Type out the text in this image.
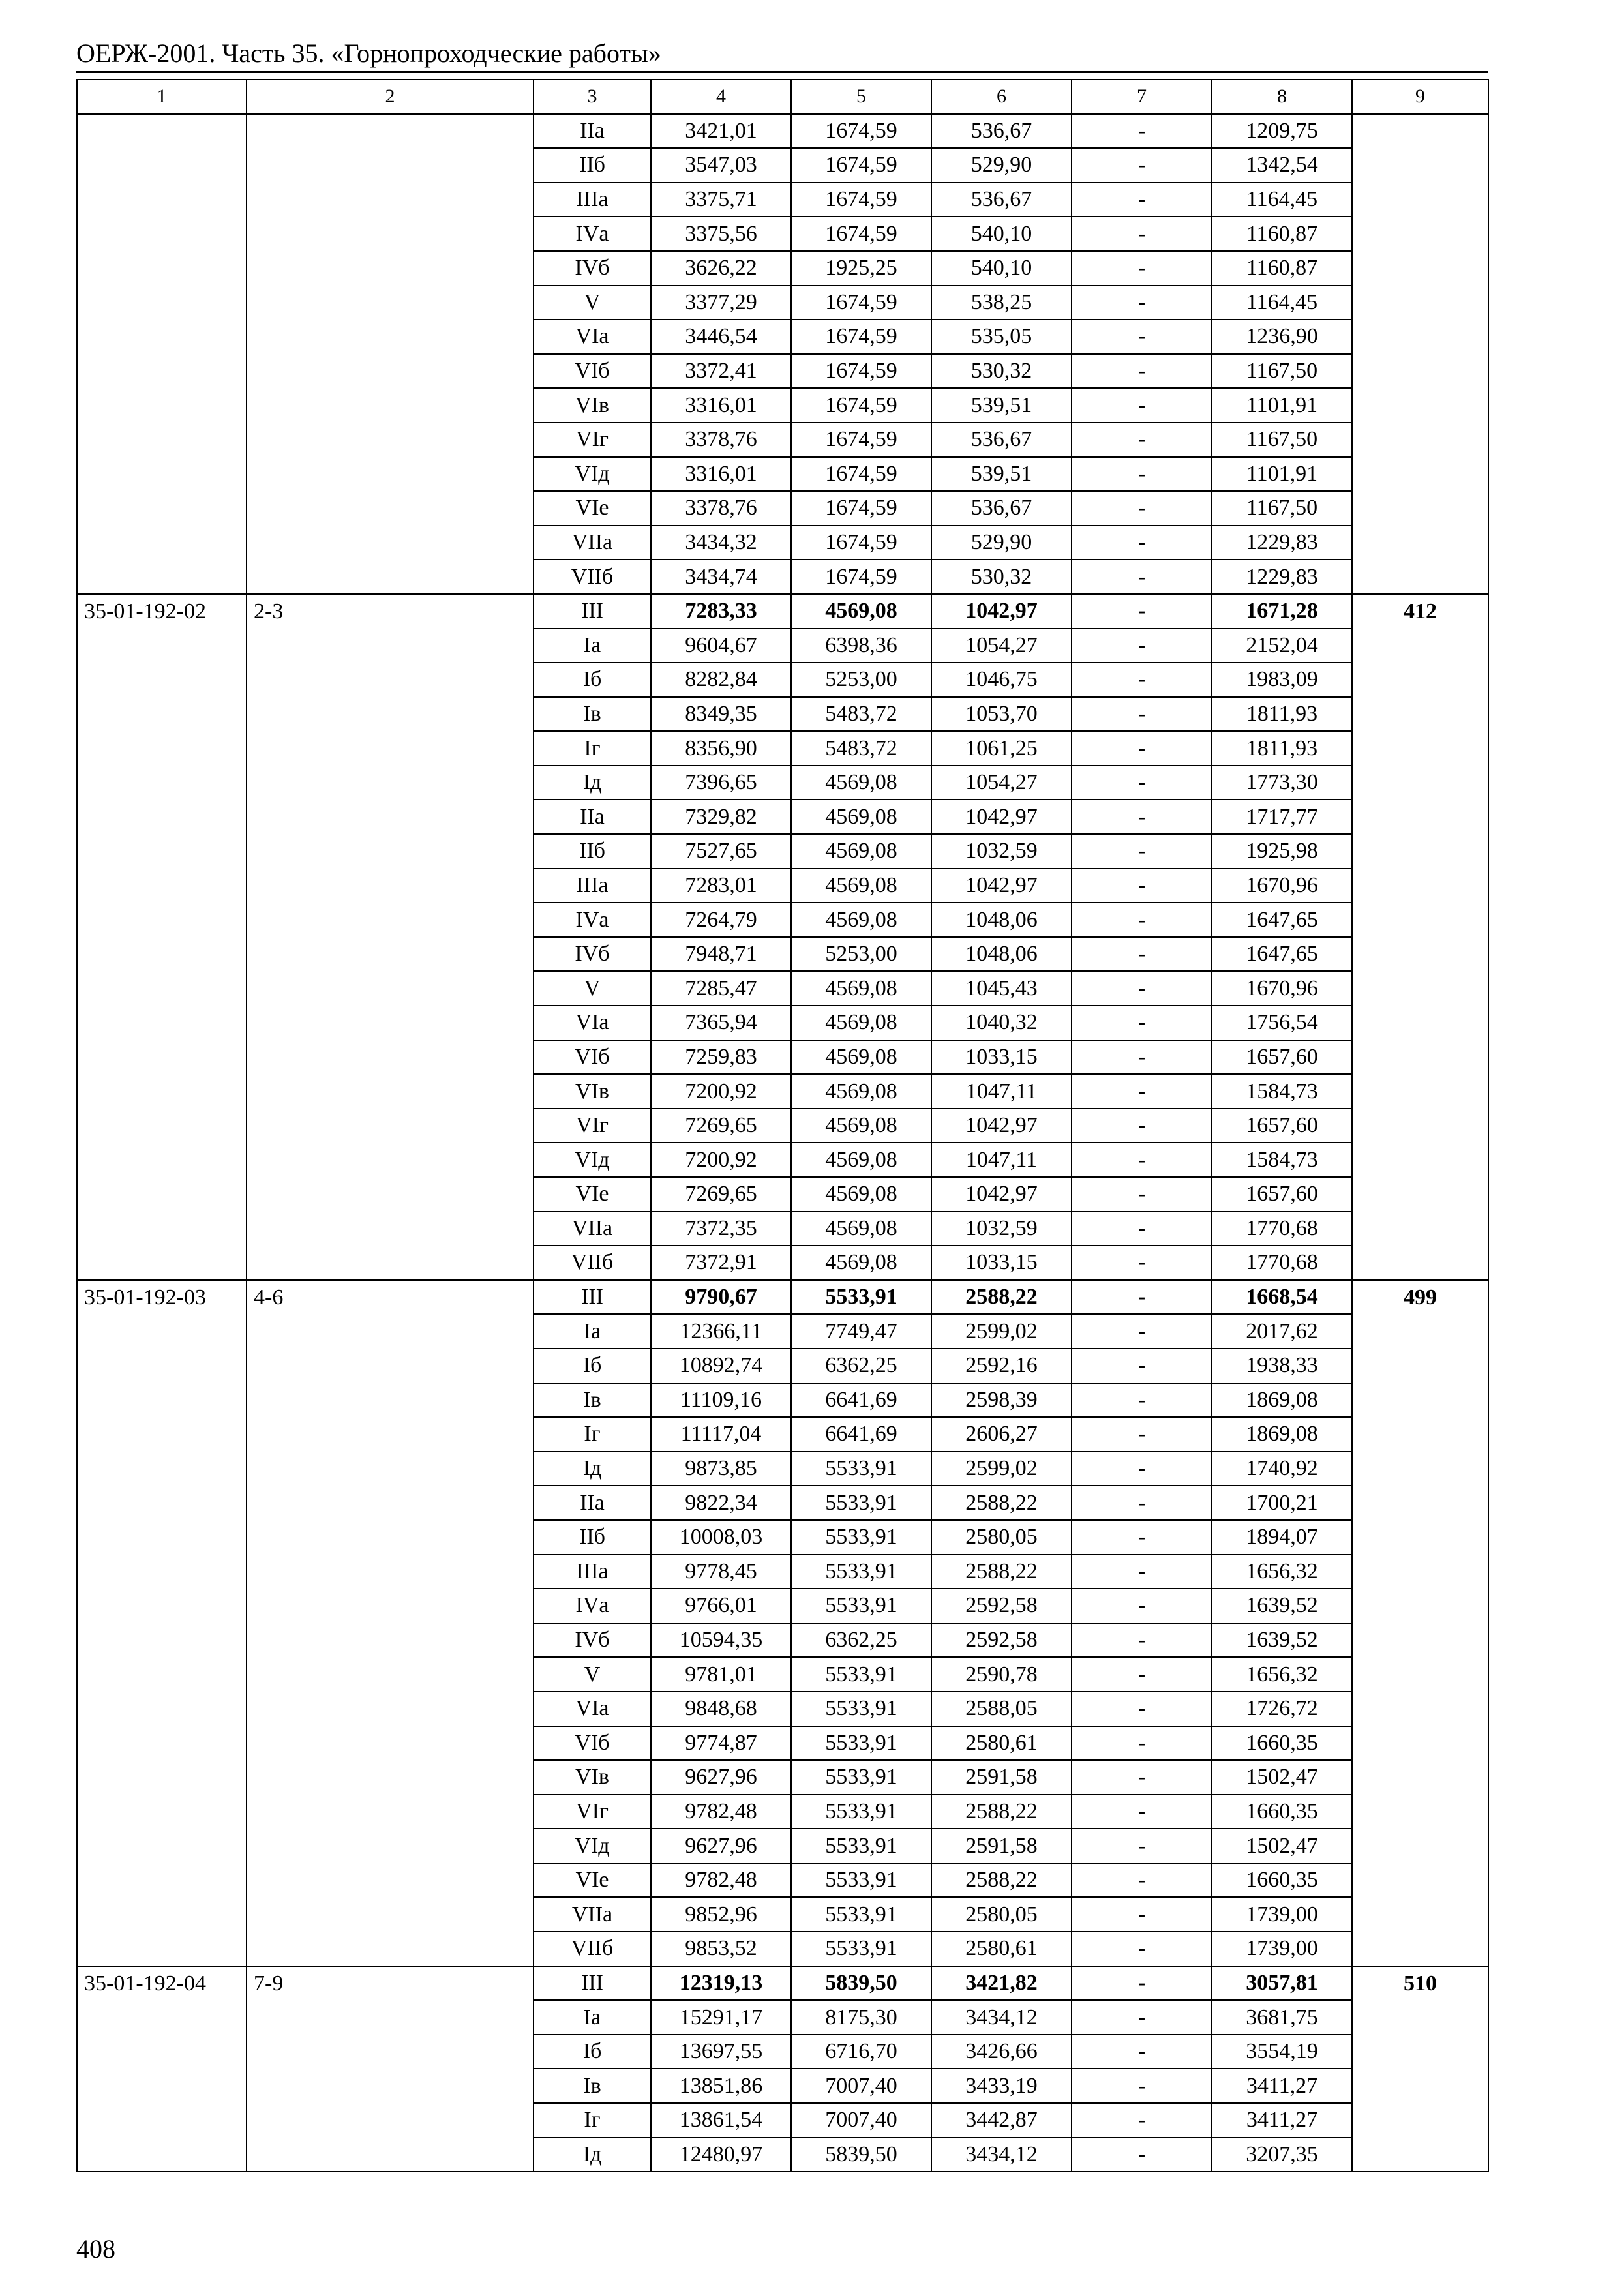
ОЕРЖ-2001. Часть 35. «Горнопроходческие работы»
1	2	3	4	5	6	7	8	9
		IIа	3421,01	1674,59	536,67	-	1209,75	
		IIб	3547,03	1674,59	529,90	-	1342,54	
		IIIа	3375,71	1674,59	536,67	-	1164,45	
		IVа	3375,56	1674,59	540,10	-	1160,87	
		IVб	3626,22	1925,25	540,10	-	1160,87	
		V	3377,29	1674,59	538,25	-	1164,45	
		VIа	3446,54	1674,59	535,05	-	1236,90	
		VIб	3372,41	1674,59	530,32	-	1167,50	
		VIв	3316,01	1674,59	539,51	-	1101,91	
		VIг	3378,76	1674,59	536,67	-	1167,50	
		VIд	3316,01	1674,59	539,51	-	1101,91	
		VIе	3378,76	1674,59	536,67	-	1167,50	
		VIIа	3434,32	1674,59	529,90	-	1229,83	
		VIIб	3434,74	1674,59	530,32	-	1229,83	
35-01-192-02	2-3	III	7283,33	4569,08	1042,97	-	1671,28	412
		Iа	9604,67	6398,36	1054,27	-	2152,04	
		Iб	8282,84	5253,00	1046,75	-	1983,09	
		Iв	8349,35	5483,72	1053,70	-	1811,93	
		Iг	8356,90	5483,72	1061,25	-	1811,93	
		Iд	7396,65	4569,08	1054,27	-	1773,30	
		IIа	7329,82	4569,08	1042,97	-	1717,77	
		IIб	7527,65	4569,08	1032,59	-	1925,98	
		IIIа	7283,01	4569,08	1042,97	-	1670,96	
		IVа	7264,79	4569,08	1048,06	-	1647,65	
		IVб	7948,71	5253,00	1048,06	-	1647,65	
		V	7285,47	4569,08	1045,43	-	1670,96	
		VIа	7365,94	4569,08	1040,32	-	1756,54	
		VIб	7259,83	4569,08	1033,15	-	1657,60	
		VIв	7200,92	4569,08	1047,11	-	1584,73	
		VIг	7269,65	4569,08	1042,97	-	1657,60	
		VIд	7200,92	4569,08	1047,11	-	1584,73	
		VIе	7269,65	4569,08	1042,97	-	1657,60	
		VIIа	7372,35	4569,08	1032,59	-	1770,68	
		VIIб	7372,91	4569,08	1033,15	-	1770,68	
35-01-192-03	4-6	III	9790,67	5533,91	2588,22	-	1668,54	499
		Iа	12366,11	7749,47	2599,02	-	2017,62	
		Iб	10892,74	6362,25	2592,16	-	1938,33	
		Iв	11109,16	6641,69	2598,39	-	1869,08	
		Iг	11117,04	6641,69	2606,27	-	1869,08	
		Iд	9873,85	5533,91	2599,02	-	1740,92	
		IIа	9822,34	5533,91	2588,22	-	1700,21	
		IIб	10008,03	5533,91	2580,05	-	1894,07	
		IIIа	9778,45	5533,91	2588,22	-	1656,32	
		IVа	9766,01	5533,91	2592,58	-	1639,52	
		IVб	10594,35	6362,25	2592,58	-	1639,52	
		V	9781,01	5533,91	2590,78	-	1656,32	
		VIа	9848,68	5533,91	2588,05	-	1726,72	
		VIб	9774,87	5533,91	2580,61	-	1660,35	
		VIв	9627,96	5533,91	2591,58	-	1502,47	
		VIг	9782,48	5533,91	2588,22	-	1660,35	
		VIд	9627,96	5533,91	2591,58	-	1502,47	
		VIе	9782,48	5533,91	2588,22	-	1660,35	
		VIIа	9852,96	5533,91	2580,05	-	1739,00	
		VIIб	9853,52	5533,91	2580,61	-	1739,00	
35-01-192-04	7-9	III	12319,13	5839,50	3421,82	-	3057,81	510
		Iа	15291,17	8175,30	3434,12	-	3681,75	
		Iб	13697,55	6716,70	3426,66	-	3554,19	
		Iв	13851,86	7007,40	3433,19	-	3411,27	
		Iг	13861,54	7007,40	3442,87	-	3411,27	
		Iд	12480,97	5839,50	3434,12	-	3207,35	
408
